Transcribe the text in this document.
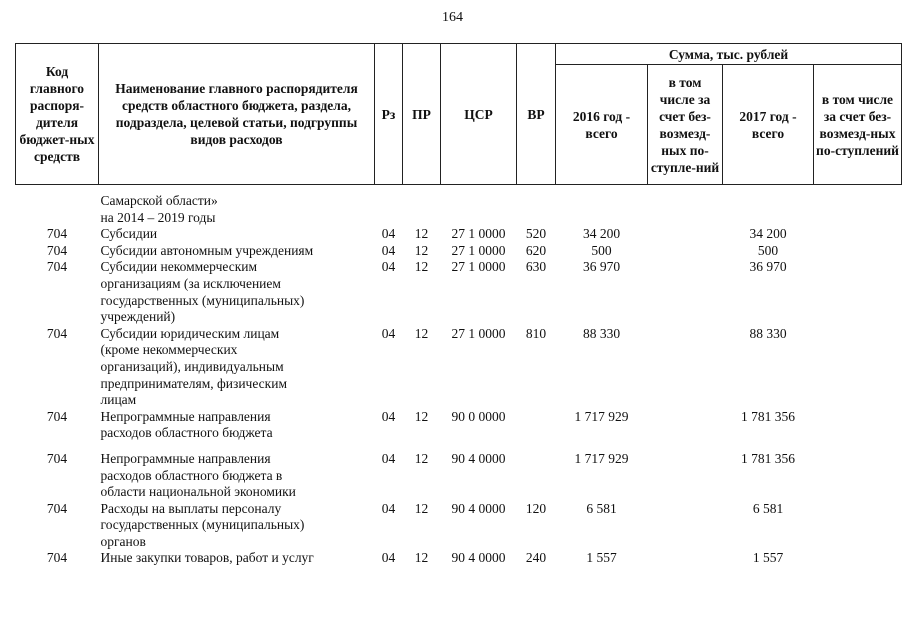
164
Код главного распоря-дителя бюджет-ных средств	Наименование главного распорядителя средств областного бюджета, раздела, подраздела, целевой статьи, подгруппы видов расходов	Рз	ПР	ЦСР	ВР	Сумма, тыс. рублей			
						2016 год - всего	в том числе за счет без-возмезд-ных по-ступле-ний	2017 год - всего	в том числе за счет без-возмезд-ных по-ступлений

	Самарской области»
на 2014 – 2019 годы								
704	Субсидии	04	12	27 1 0000	520	34 200		34 200	
704	Субсидии автономным учреждениям	04	12	27 1 0000	620	500		500	
704	Субсидии некоммерческим
организациям (за исключением
государственных (муниципальных)
учреждений)	04	12	27 1 0000	630	36 970		36 970	
704	Субсидии юридическим лицам
(кроме некоммерческих
организаций), индивидуальным
предпринимателям, физическим
лицам	04	12	27 1 0000	810	88 330		88 330	
704	Непрограммные направления
расходов областного бюджета	04	12	90 0 0000		1 717 929		1 781 356	

704	Непрограммные направления
расходов областного бюджета в
области национальной экономики	04	12	90 4 0000		1 717 929		1 781 356	
704	Расходы на выплаты персоналу
государственных (муниципальных)
органов	04	12	90 4 0000	120	6 581		6 581	
704	Иные закупки товаров, работ и услуг	04	12	90 4 0000	240	1 557		1 557	
